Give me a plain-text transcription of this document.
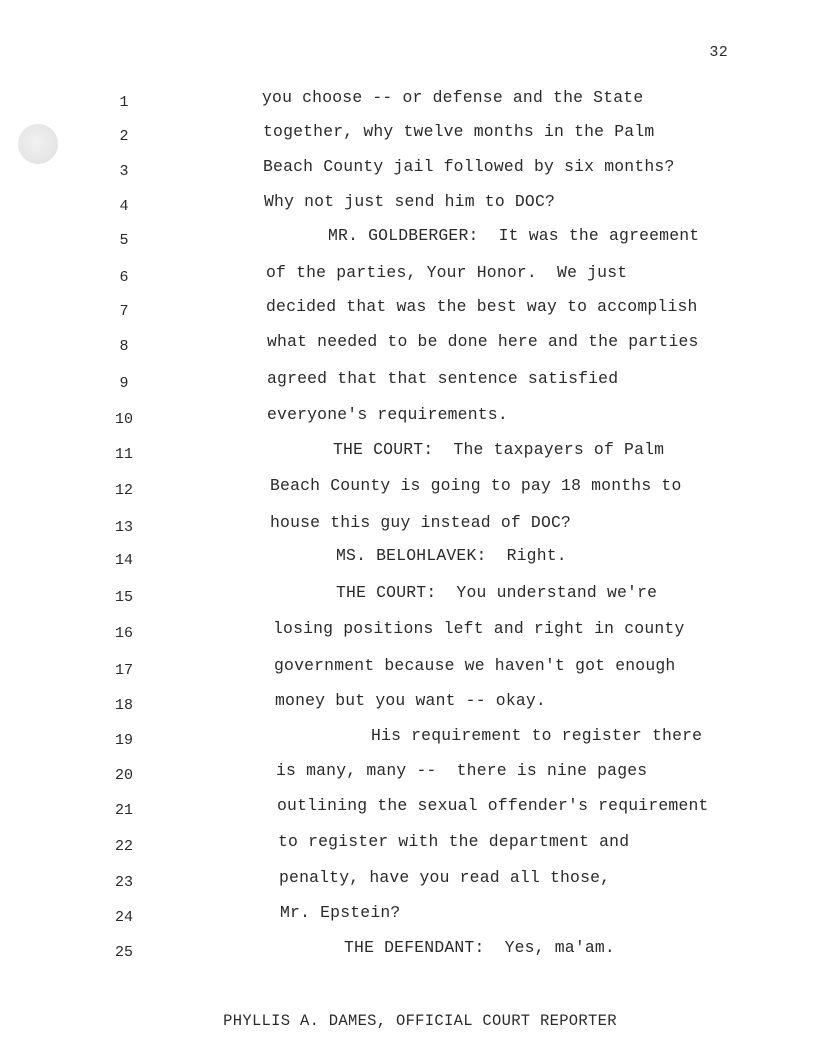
32
1	you choose -- or defense and the State
2	together, why twelve months in the Palm
3	Beach County jail followed by six months?
4	Why not just send him to DOC?
5	MR. GOLDBERGER:  It was the agreement
6	of the parties, Your Honor.  We just
7	decided that was the best way to accomplish
8	what needed to be done here and the parties
9	agreed that that sentence satisfied
10	everyone's requirements.
11	THE COURT:  The taxpayers of Palm
12	Beach County is going to pay 18 months to
13	house this guy instead of DOC?
14	MS. BELOHLAVEK:  Right.
15	THE COURT:  You understand we're
16	losing positions left and right in county
17	government because we haven't got enough
18	money but you want -- okay.
19	His requirement to register there
20	is many, many --  there is nine pages
21	outlining the sexual offender's requirement
22	to register with the department and
23	penalty, have you read all those,
24	Mr. Epstein?
25	THE DEFENDANT:  Yes, ma'am.
PHYLLIS A. DAMES, OFFICIAL COURT REPORTER
